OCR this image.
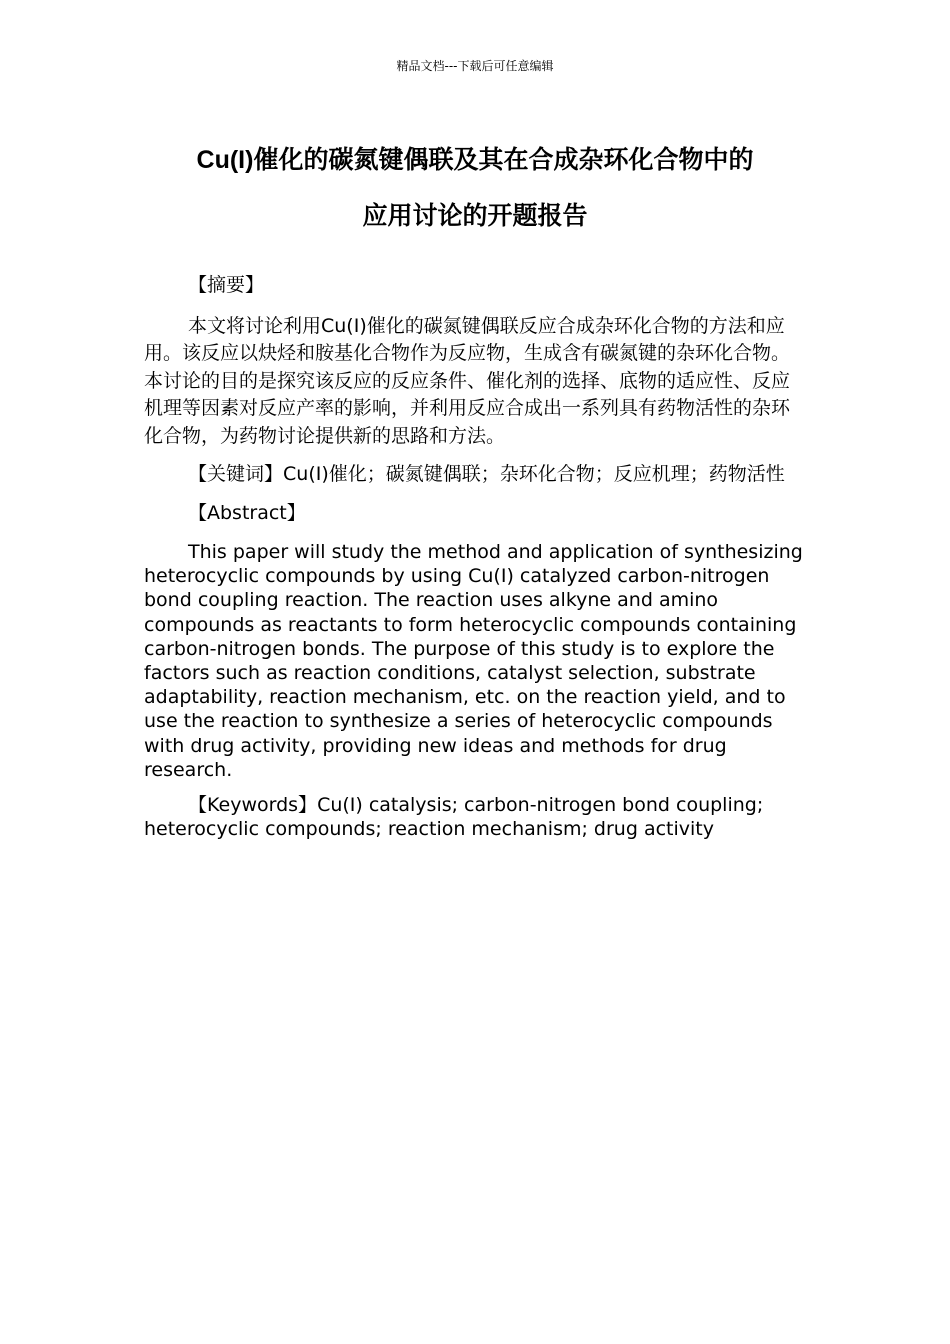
精品文档---下载后可任意编辑
Cu(I)催化的碳氮键偶联及其在合成杂环化合物中的
应用讨论的开题报告

【摘要】

本文将讨论利用Cu(I)催化的碳氮键偶联反应合成杂环化合物的方法和应用。该反应以炔烃和胺基化合物作为反应物，生成含有碳氮键的杂环化合物。本讨论的目的是探究该反应的反应条件、催化剂的选择、底物的适应性、反应机理等因素对反应产率的影响，并利用反应合成出一系列具有药物活性的杂环化合物，为药物讨论提供新的思路和方法。

【关键词】Cu(I)催化；碳氮键偶联；杂环化合物；反应机理；药物活性

【Abstract】

This paper will study the method and application of synthesizing heterocyclic compounds by using Cu(I) catalyzed carbon-nitrogen bond coupling reaction. The reaction uses alkyne and amino compounds as reactants to form heterocyclic compounds containing carbon-nitrogen bonds. The purpose of this study is to explore the factors such as reaction conditions, catalyst selection, substrate adaptability, reaction mechanism, etc. on the reaction yield, and to use the reaction to synthesize a series of heterocyclic compounds with drug activity, providing new ideas and methods for drug research.

【Keywords】Cu(I) catalysis; carbon-nitrogen bond coupling; heterocyclic compounds; reaction mechanism; drug activity
